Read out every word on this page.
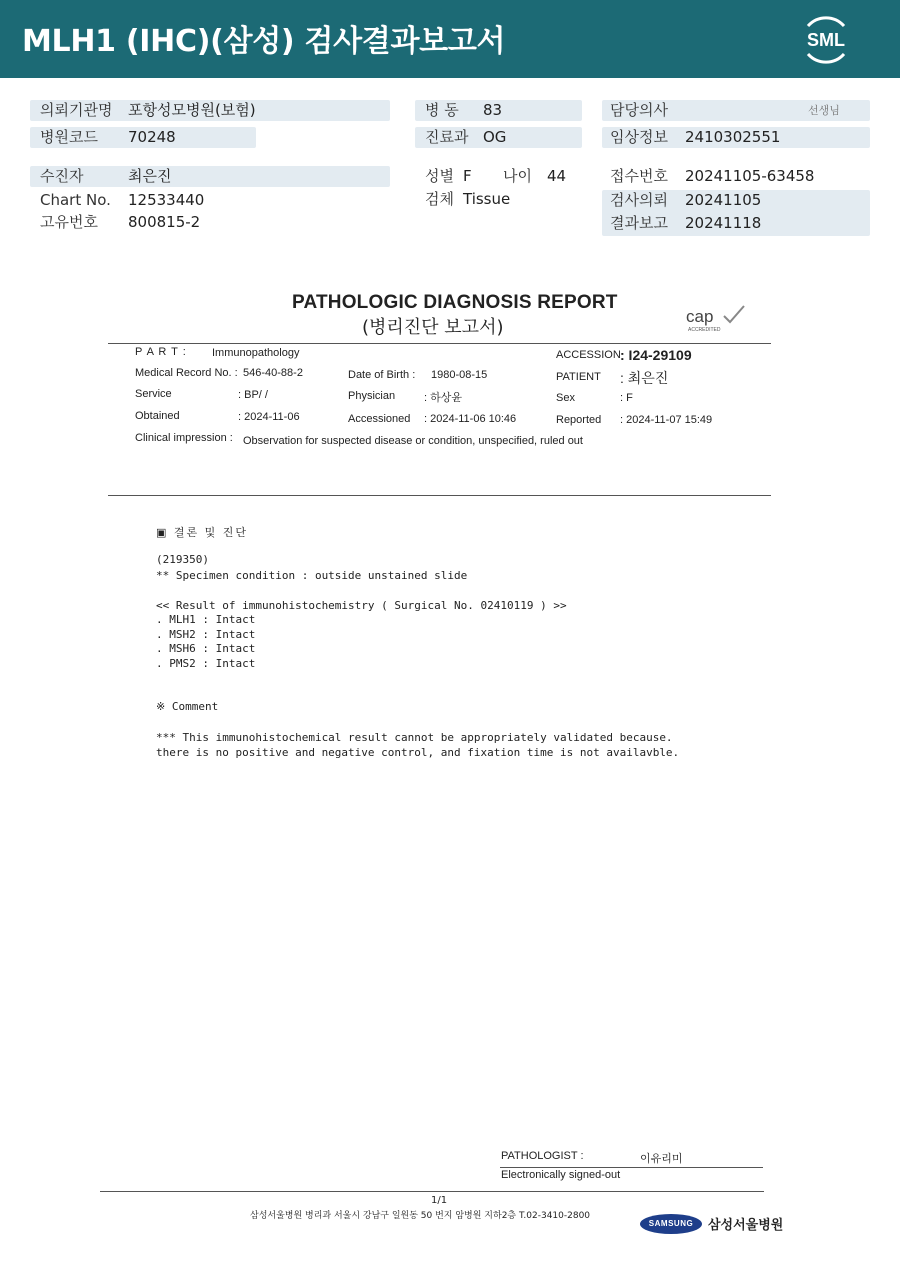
MLH1 (IHC)(삼성) 검사결과보고서	SML
의뢰기관명 포항성모병원(보험)
병원코드 70248
수진자	최은진
Chart No. 12533440
고유번호 800815-2
병 동 83
진료과 OG
성별 F 나이 44
검체 Tissue
담당의사	선생님
임상정보 2410302551
접수번호 20241105-63458
검사의뢰 20241105
결과보고 20241118
PATHOLOGIC DIAGNOSIS REPORT
(병리진단 보고서)
cap
ACCREDITED
P A R T : Immunopathology
Medical Record No. : 546-40-88-2
Service	: BP/ /
Obtained	: 2024-11-06
Date of Birth : 1980-08-15
Physician	: 하상윤
Accessioned : 2024-11-06 10:46
ACCESSION : I24-29109
PATIENT : 최은진
Sex	: F
Reported : 2024-11-07 15:49
Clinical impression : Observation for suspected disease or condition, unspecified, ruled out
▣ 결론 및 진단
(219350)
** Specimen condition : outside unstained slide
<< Result of immunohistochemistry ( Surgical No. 02410119 ) >>
. MLH1 : Intact
. MSH2 : Intact
. MSH6 : Intact
. PMS2 : Intact
※ Comment
*** This immunohistochemical result cannot be appropriately validated because.
there is no positive and negative control, and fixation time is not availavble.
PATHOLOGIST :	이유리미
Electronically signed-out
1/1
삼성서울병원 병리과 서울시 강남구 일원동 50 번지 암병원 지하2층 T.02-3410-2800
SAMSUNG	삼성서울병원
